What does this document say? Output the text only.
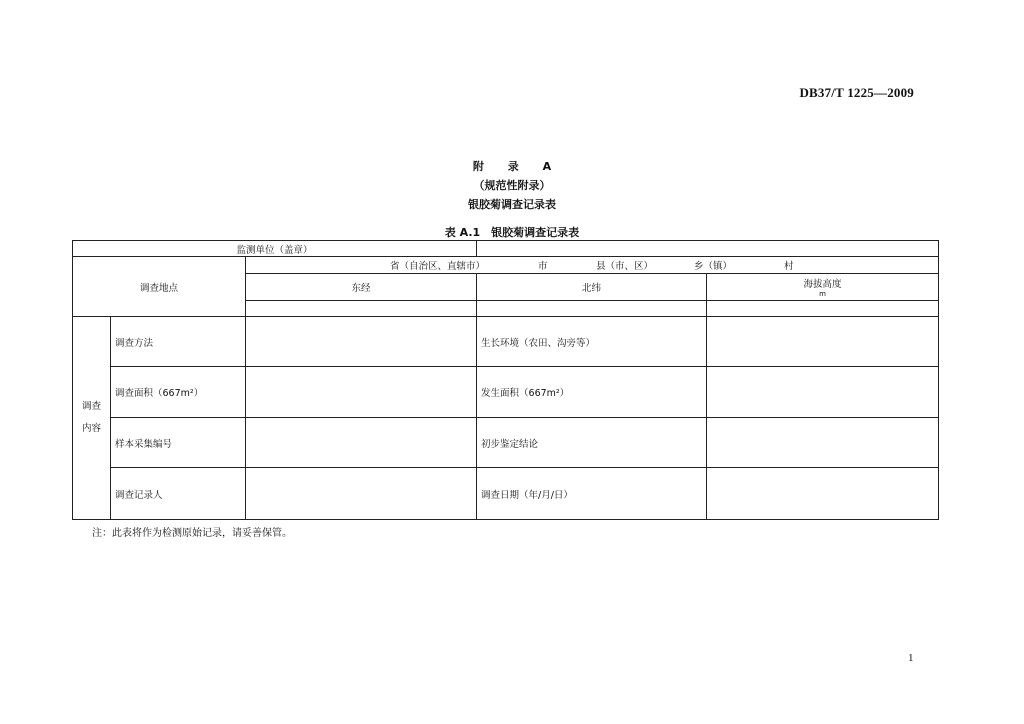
DB37/T 1225—2009
附 录 A
（规范性附录）
银胶菊调查记录表
表 A.1　银胶菊调查记录表
监测单位（盖章）				
调查地点		省（自治区、直辖市） 市 县（市、区） 乡（镇） 村		

		东经	北纬	海拔高度
m

调查
内容	调查方法		生长环境（农田、沟旁等）	
	调查面积（667m²）		发生面积（667m²）	
	样本采集编号		初步鉴定结论	
	调查记录人		调查日期（年/月/日）	
注：此表将作为检测原始记录，请妥善保管。
1
